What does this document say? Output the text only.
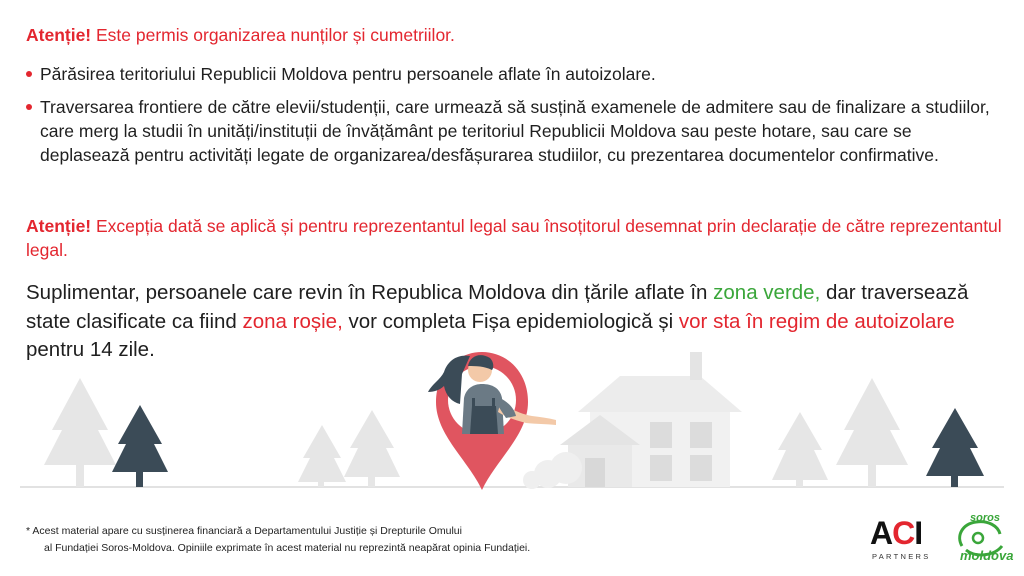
Atenție! Este permis organizarea nunților și cumetriilor.
Părăsirea teritoriului Republicii Moldova pentru persoanele aflate în autoizolare.
Traversarea frontiere de către elevii/studenții, care urmează să susțină examenele de admitere sau de finalizare a studiilor, care merg la studii în unități/instituții de învățământ pe teritoriul Republicii Moldova sau peste hotare, sau care se deplasează pentru activități legate de organizarea/desfășurarea studiilor, cu prezentarea documentelor confirmative.
Atenție! Excepția dată se aplică și pentru reprezentantul legal sau însoțitorul desemnat prin declarație de către reprezentantul legal.
Suplimentar, persoanele care revin în Republica Moldova din țările aflate în zona verde, dar traversează state clasificate ca fiind zona roșie, vor completa Fișa epidemiologică și vor sta în regim de autoizolare pentru 14 zile.
* Acest material apare cu susținerea financiară a Departamentului Justiție și Drepturile Omului
al Fundației Soros-Moldova. Opiniile exprimate în acest material nu reprezintă neapărat opinia Fundației.	ACI
PARTNERS
soros
moldova
